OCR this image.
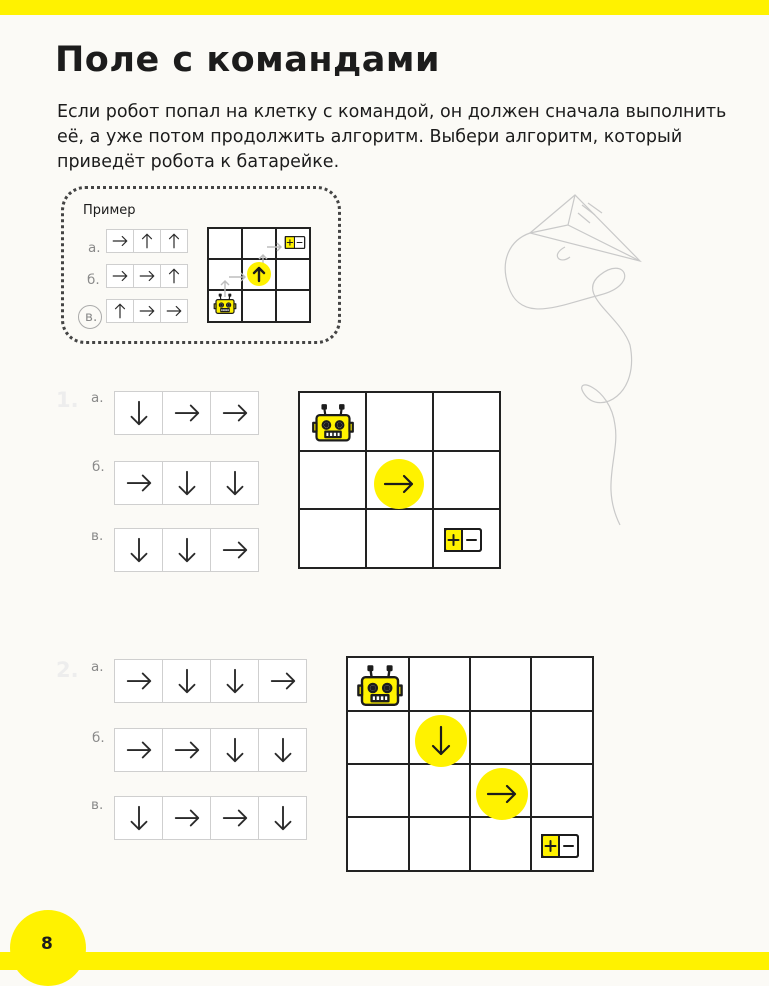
Поле с командами

Если робот попал на клетку с командой, он должен сначала выполнить её, а уже потом продолжить алгоритм. Выбери алгоритм, который приведёт робота к батарейке.

Пример
а.
б.
в.
1. а.
б.
в.
2. а.
б.
в.
8
